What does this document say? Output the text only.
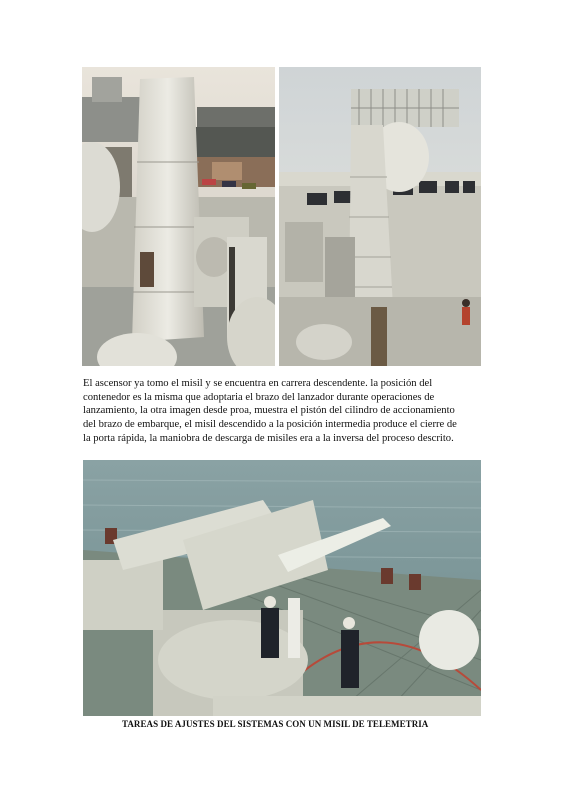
El ascensor ya tomo el misil y se encuentra en carrera descendente. la posición del
contenedor es la misma que adoptaria el brazo del lanzador durante operaciones de
lanzamiento, la otra imagen desde proa, muestra el pistón del cilindro de accionamiento
del brazo de embarque, el misil descendido a la posición intermedia produce el cierre de
la porta rápida, la maniobra de descarga de misiles era a la inversa del proceso descrito.

TAREAS DE AJUSTES DEL SISTEMAS CON UN MISIL DE TELEMETRIA
